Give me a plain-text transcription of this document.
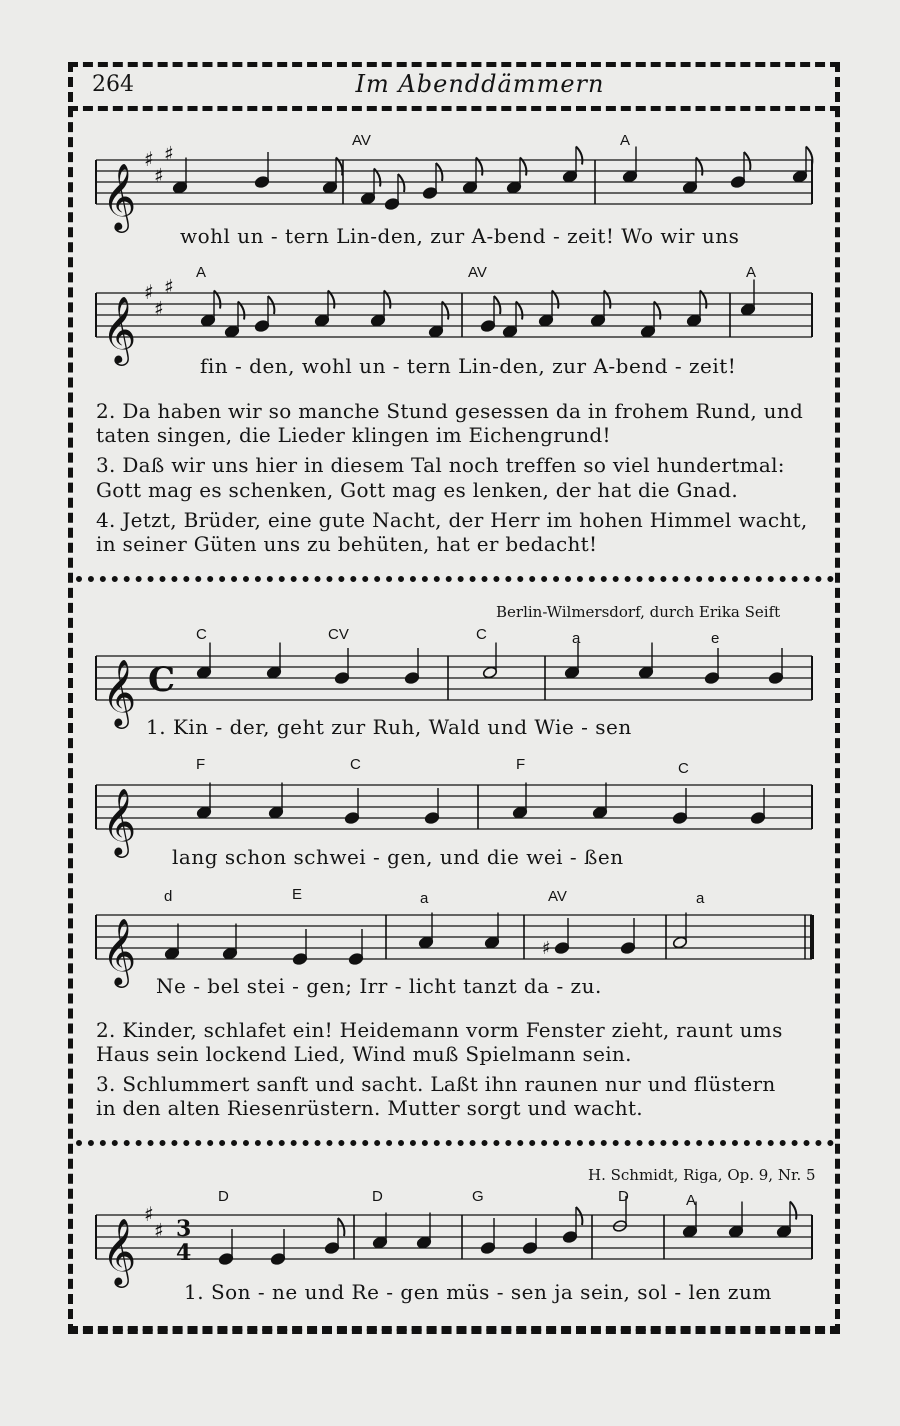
264	Im Abenddämmern
AV	A
𝄞
♯
♯
♯
wohl un - tern Lin-den, zur A-bend - zeit! Wo wir uns
A	AV	A
𝄞
♯
♯
♯
fin - den, wohl un - tern Lin-den, zur A-bend - zeit!
2. Da haben wir so manche Stund gesessen da in frohem Rund, und
taten singen, die Lieder klingen im Eichengrund!
3. Daß wir uns hier in diesem Tal noch treffen so viel hundertmal:
Gott mag es schenken, Gott mag es lenken, der hat die Gnad.
4. Jetzt, Brüder, eine gute Nacht, der Herr im hohen Himmel wacht,
in seiner Güten uns zu behüten, hat er bedacht!
Berlin-Wilmersdorf, durch Erika Seift
C	CV	C	a	e
𝄞 C
1. Kin - der, geht zur Ruh, Wald und Wie - sen
F	C	F	C
𝄞
lang schon schwei - gen, und die wei - ßen
d	E	a	AV	a
𝄞	♯
Ne - bel stei - gen; Irr - licht tanzt da - zu.
2. Kinder, schlafet ein! Heidemann vorm Fenster zieht, raunt ums
Haus sein lockend Lied, Wind muß Spielmann sein.
3. Schlummert sanft und sacht. Laßt ihn raunen nur und flüstern
in den alten Riesenrüstern. Mutter sorgt und wacht.
H. Schmidt, Riga, Op. 9, Nr. 5
D	D	G	D	A
𝄞
♯
♯ 3
4
1. Son - ne und Re - gen müs - sen ja sein, sol - len zum
